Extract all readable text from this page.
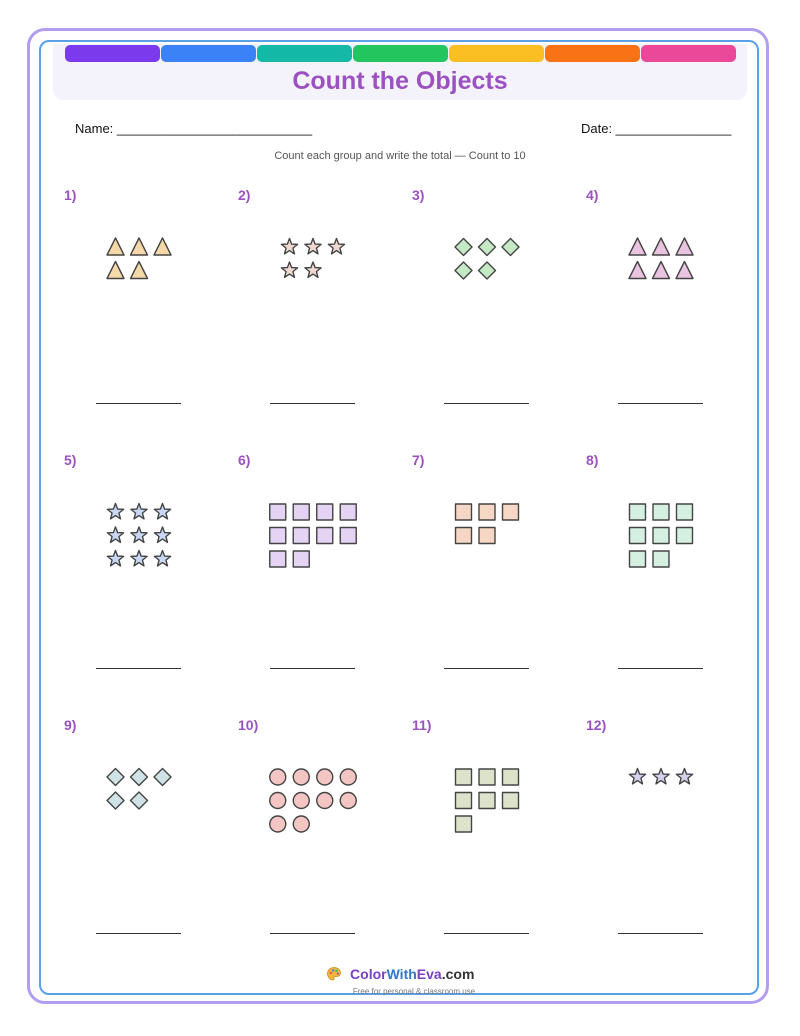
Count the Objects
Name: ___________________________	Date: ________________
Count each group and write the total — Count to 10
1)	2)	3)	4)
5)	6)	7)	8)
9)	10)	11)	12)
ColorWithEva.com
Free for personal & classroom use
